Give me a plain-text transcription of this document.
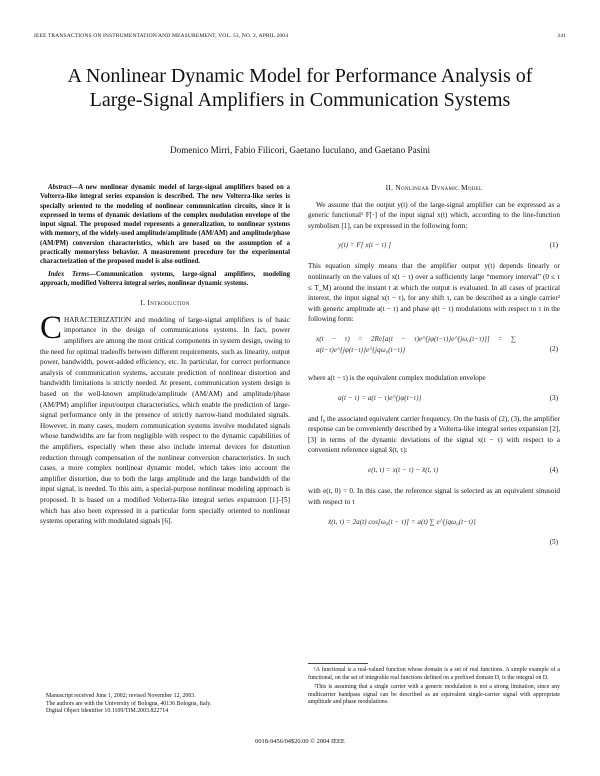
IEEE TRANSACTIONS ON INSTRUMENTATION AND MEASUREMENT, VOL. 53, NO. 2, APRIL 2004	341
A Nonlinear Dynamic Model for Performance Analysis of Large-Signal Amplifiers in Communication Systems
Domenico Mirri, Fabio Filicori, Gaetano Iuculano, and Gaetano Pasini

Abstract—A new nonlinear dynamic model of large-signal amplifiers based on a Volterra-like integral series expansion is described. The new Volterra-like series is specially oriented to the modeling of nonlinear communication circuits, since it is expressed in terms of dynamic deviations of the complex modulation envelope of the input signal. The proposed model represents a generalization, to nonlinear systems with memory, of the widely-used amplitude/amplitude (AM/AM) and amplitude/phase (AM/PM) conversion characteristics, which are based on the assumption of a practically memoryless behavior. A measurement procedure for the experimental characterization of the proposed model is also outlined.

Index Terms—Communication systems, large-signal amplifiers, modeling approach, modified Volterra integral series, nonlinear dynamic systems.

I. Introduction

CHARACTERIZATION and modeling of large-signal amplifiers is of basic importance in the design of communications systems. In fact, power amplifiers are among the most critical components in system design, owing to the need for optimal tradeoffs between different requirements, such as linearity, output power, bandwidth, power-added efficiency, etc. In particular, for correct performance analysis of communication systems, accurate prediction of nonlinear distortion and bandwidth limitations is strictly needed. At present, communication system design is based on the well-known amplitude/amplitude (AM/AM) and amplitude/phase (AM/PM) amplifier input/output characteristics, which enable the prediction of large-signal performance only in the presence of strictly narrow-band modulated signals. However, in many cases, modern communication systems involve modulated signals whose bandwidths are far from negligible with respect to the dynamic capabilities of the amplifiers, especially when these also include internal devices for distortion reduction through compensation of the nonlinear conversion characteristics. In such cases, a more complex nonlinear dynamic model, which takes into account the amplifier distortion, due to both the large amplitude and the large bandwidth of the input signal, is needed. To this aim, a special-purpose nonlinear modeling approach is proposed. It is based on a modified Volterra-like integral series expansion [1]–[5] which has also been expressed in a particular form specially oriented to nonlinear systems operating with modulated signals [6].

Manuscript received June 1, 2002; revised November 12, 2003.

The authors are with the University of Bologna, 40136 Bologna, Italy.

Digital Object Identifier 10.1109/TIM.2003.822714

II. Nonlinear Dynamic Model

We assume that the output y(t) of the large-signal amplifier can be expressed as a generic functional¹ F[·] of the input signal x(t) which, according to the line-function symbolism [1], can be expressed in the following form:

y(t) = F[ x(t − τ) ]	(1)

This equation simply means that the amplifier output y(t) depends linearly or nonlinearly on the values of x(t − τ) over a sufficiently large “memory interval” (0 ≤ τ ≤ T_M) around the instant t at which the output is evaluated. In all cases of practical interest, the input signal x(t − τ), for any shift τ, can be described as a single carrier² with generic amplitude a(t − τ) and phase φ(t − τ) modulations with respect to τ in the following form:

x(t − τ) = 2Re[a(t − τ)e^{jφ(t−τ)}e^{jω₀(t−τ)}] = ∑ a(t−τ)e^{jφ(t−τ)}e^{jqω₀(t−τ)}	(2)

where a(t − τ) is the equivalent complex modulation envelope

a(t − τ) = a(t − τ)e^{jφ(t−τ)}	(3)

and f₀ the associated equivalent carrier frequency. On the basis of (2), (3), the amplifier response can be conveniently described by a Volterra-like integral series expansion [2], [3] in terms of the dynamic deviations of the signal x(t − τ) with respect to a convenient reference signal x̃(t, τ):

e(t, τ) = x(t − τ) − x̃(t, τ)	(4)

with e(t, 0) = 0. In this case, the reference signal is selected as an equivalent sinusoid with respect to τ

x̃(t, τ) = 2a(t) cos[ω₀(t − τ)] = a(t) ∑ e^{jqω₀(t−τ)}
(5)

¹A functional is a real-valued function whose domain is a set of real functions. A simple example of a functional, on the set of integrable real functions defined on a prefixed domain D, is the integral on D.

²This is assuming that a single carrier with a generic modulation is not a strong limitation, since any multicarrier bandpass signal can be described as an equivalent single-carrier signal with appropriate amplitude and phase modulations.

0018-9456/04$20.00 © 2004 IEEE
